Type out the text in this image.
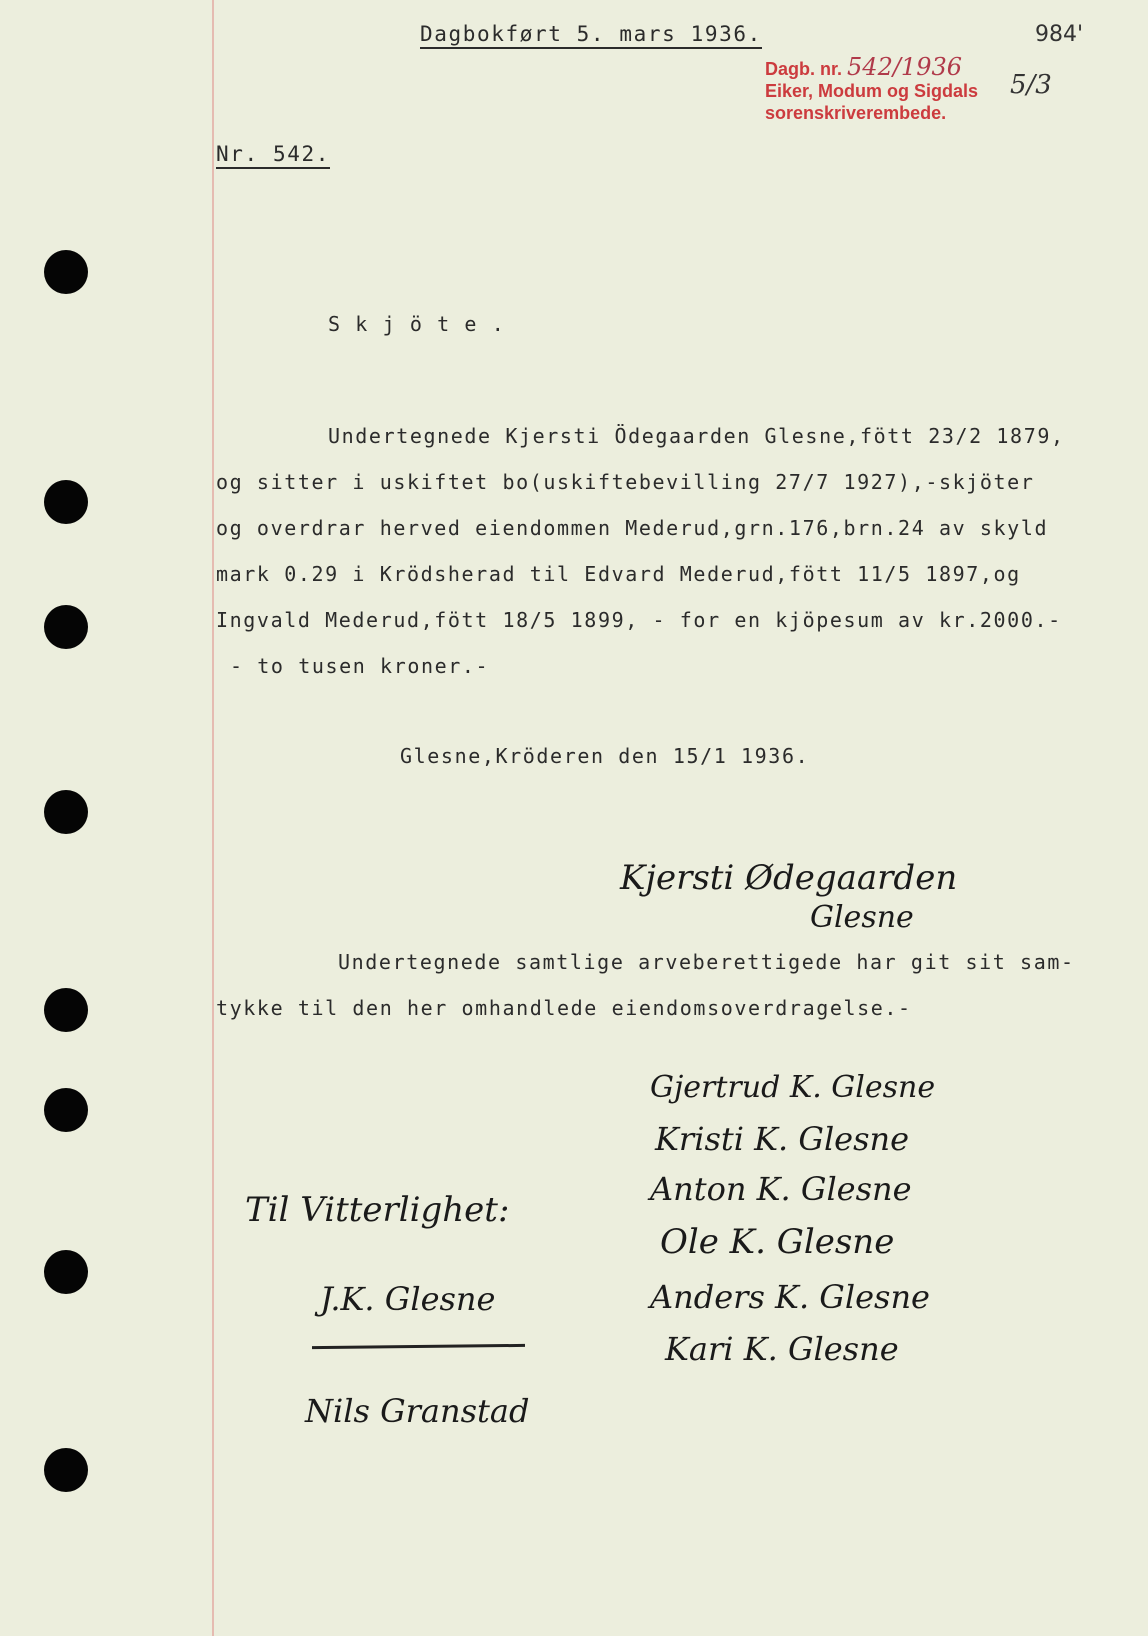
Dagbokført 5. mars 1936.	984'
5/3
Dagb. nr. 542/1936
Eiker, Modum og Sigdals
sorenskriverembede.
Nr. 542.
S k j ö t e .
Undertegnede Kjersti Ödegaarden Glesne,fött 23/2 1879,
og sitter i uskiftet bo(uskiftebevilling 27/7 1927),-skjöter
og overdrar herved eiendommen Mederud,grn.176,brn.24 av skyld
mark 0.29 i Krödsherad til Edvard Mederud,fött 11/5 1897,og
Ingvald Mederud,fött 18/5 1899, - for en kjöpesum av kr.2000.-
- to tusen kroner.-
Glesne,Kröderen den 15/1 1936.
Kjersti Ødegaarden
Glesne
Undertegnede samtlige arveberettigede har git sit sam-
tykke til den her omhandlede eiendomsoverdragelse.-
Gjertrud K. Glesne
Kristi K. Glesne
Anton K. Glesne
Ole K. Glesne
Anders K. Glesne
Kari K. Glesne
Til Vitterlighet:
J.K. Glesne
Nils Granstad
